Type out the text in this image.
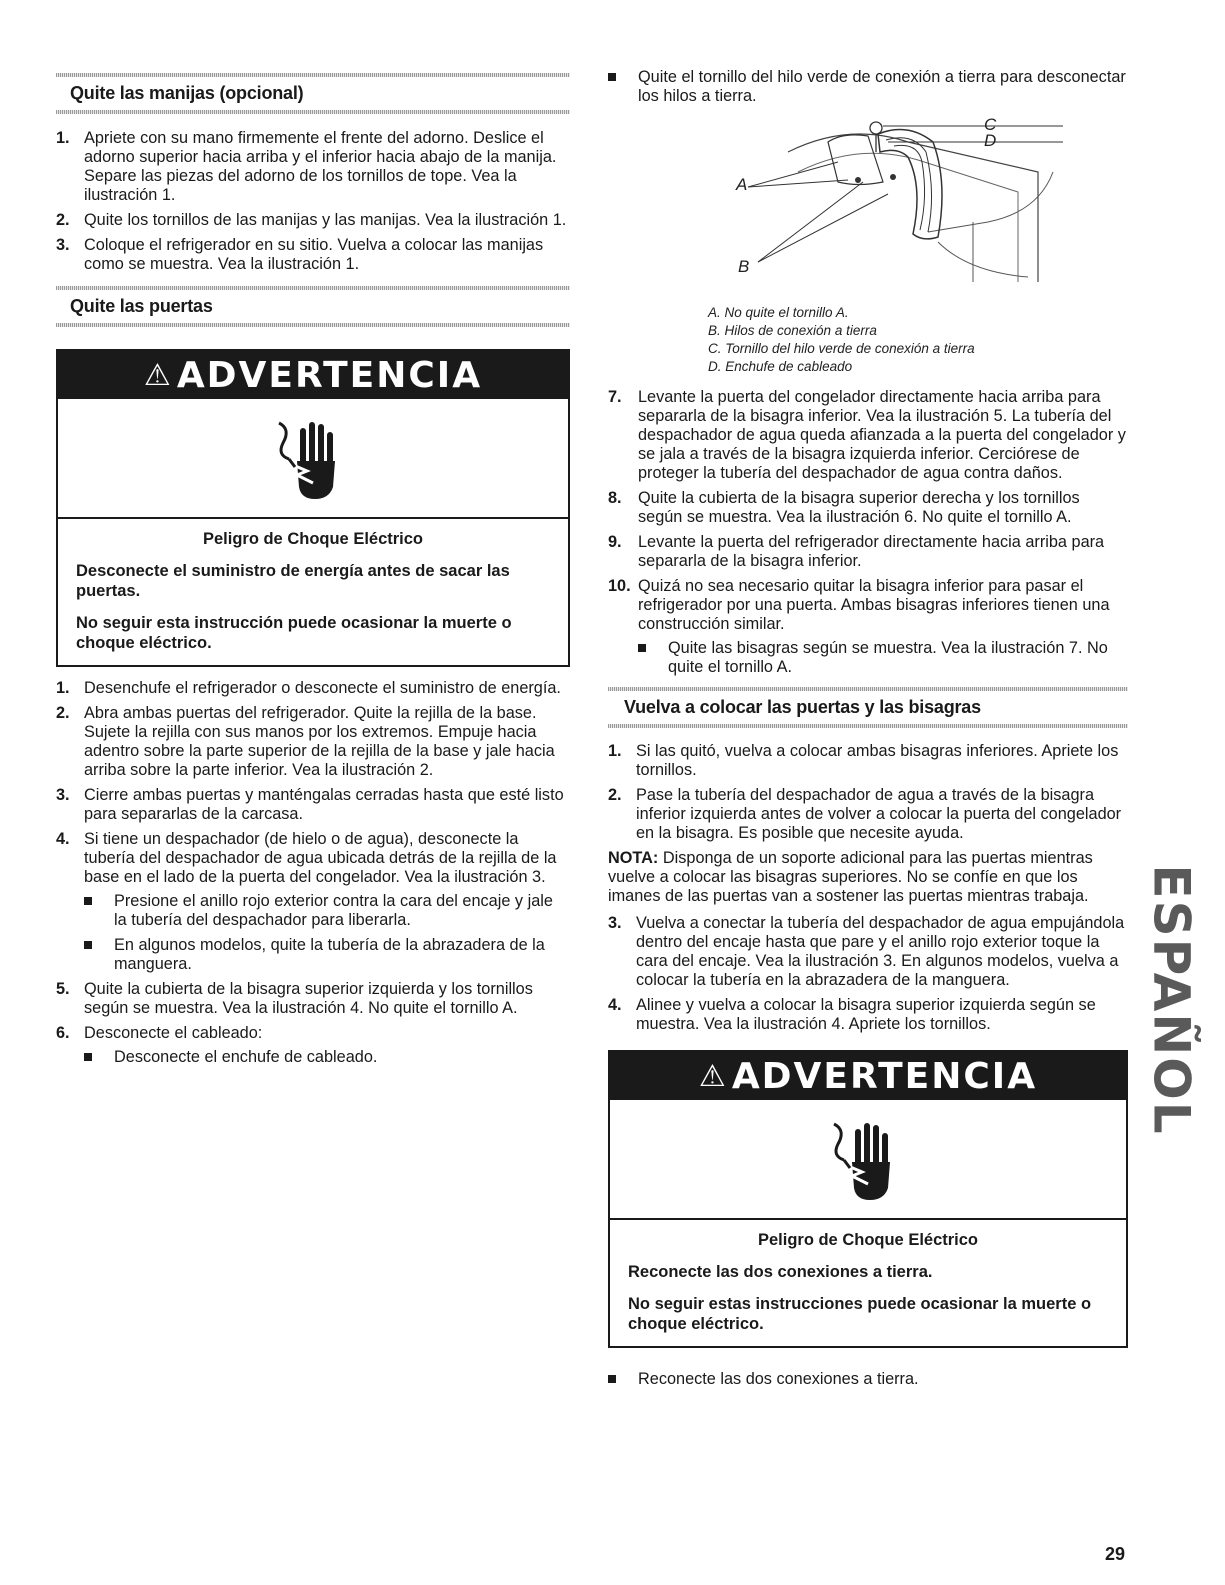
Quite las manijas (opcional)
1. Apriete con su mano firmemente el frente del adorno. Deslice el adorno superior hacia arriba y el inferior hacia abajo de la manija. Separe las piezas del adorno de los tornillos de tope. Vea la ilustración 1.
2. Quite los tornillos de las manijas y las manijas. Vea la ilustración 1.
3. Coloque el refrigerador en su sitio. Vuelva a colocar las manijas como se muestra. Vea la ilustración 1.
Quite las puertas
⚠ ADVERTENCIA
Peligro de Choque Eléctrico

Desconecte el suministro de energía antes de sacar las puertas.

No seguir esta instrucción puede ocasionar la muerte o choque eléctrico.

1. Desenchufe el refrigerador o desconecte el suministro de energía.
2. Abra ambas puertas del refrigerador. Quite la rejilla de la base. Sujete la rejilla con sus manos por los extremos. Empuje hacia adentro sobre la parte superior de la rejilla de la base y jale hacia arriba sobre la parte inferior. Vea la ilustración 2.
3. Cierre ambas puertas y manténgalas cerradas hasta que esté listo para separarlas de la carcasa.
4. Si tiene un despachador (de hielo o de agua), desconecte la tubería del despachador de agua ubicada detrás de la rejilla de la base en el lado de la puerta del congelador. Vea la ilustración 3.
Presione el anillo rojo exterior contra la cara del encaje y jale la tubería del despachador para liberarla.
En algunos modelos, quite la tubería de la abrazadera de la manguera.
5. Quite la cubierta de la bisagra superior izquierda y los tornillos según se muestra. Vea la ilustración 4. No quite el tornillo A.
6. Desconecte el cableado:
Desconecte el enchufe de cableado.
Quite el tornillo del hilo verde de conexión a tierra para desconectar los hilos a tierra.
A
B
C
D
A. No quite el tornillo A.
B. Hilos de conexión a tierra
C. Tornillo del hilo verde de conexión a tierra
D. Enchufe de cableado
7. Levante la puerta del congelador directamente hacia arriba para separarla de la bisagra inferior. Vea la ilustración 5. La tubería del despachador de agua queda afianzada a la puerta del congelador y se jala a través de la bisagra izquierda inferior. Cerciórese de proteger la tubería del despachador de agua contra daños.
8. Quite la cubierta de la bisagra superior derecha y los tornillos según se muestra. Vea la ilustración 6. No quite el tornillo A.
9. Levante la puerta del refrigerador directamente hacia arriba para separarla de la bisagra inferior.
10. Quizá no sea necesario quitar la bisagra inferior para pasar el refrigerador por una puerta. Ambas bisagras inferiores tienen una construcción similar.
Quite las bisagras según se muestra. Vea la ilustración 7. No quite el tornillo A.
Vuelva a colocar las puertas y las bisagras
1. Si las quitó, vuelva a colocar ambas bisagras inferiores. Apriete los tornillos.
2. Pase la tubería del despachador de agua a través de la bisagra inferior izquierda antes de volver a colocar la puerta del congelador en la bisagra. Es posible que necesite ayuda.

NOTA: Disponga de un soporte adicional para las puertas mientras vuelve a colocar las bisagras superiores. No se confíe en que los imanes de las puertas van a sostener las puertas mientras trabaja.

3. Vuelva a conectar la tubería del despachador de agua empujándola dentro del encaje hasta que pare y el anillo rojo exterior toque la cara del encaje. Vea la ilustración 3. En algunos modelos, vuelva a colocar la tubería en la abrazadera de la manguera.
4. Alinee y vuelva a colocar la bisagra superior izquierda según se muestra. Vea la ilustración 4. Apriete los tornillos.
⚠ ADVERTENCIA
Peligro de Choque Eléctrico

Reconecte las dos conexiones a tierra.

No seguir estas instrucciones puede ocasionar la muerte o choque eléctrico.

Reconecte las dos conexiones a tierra.
ESPAÑOL
29
